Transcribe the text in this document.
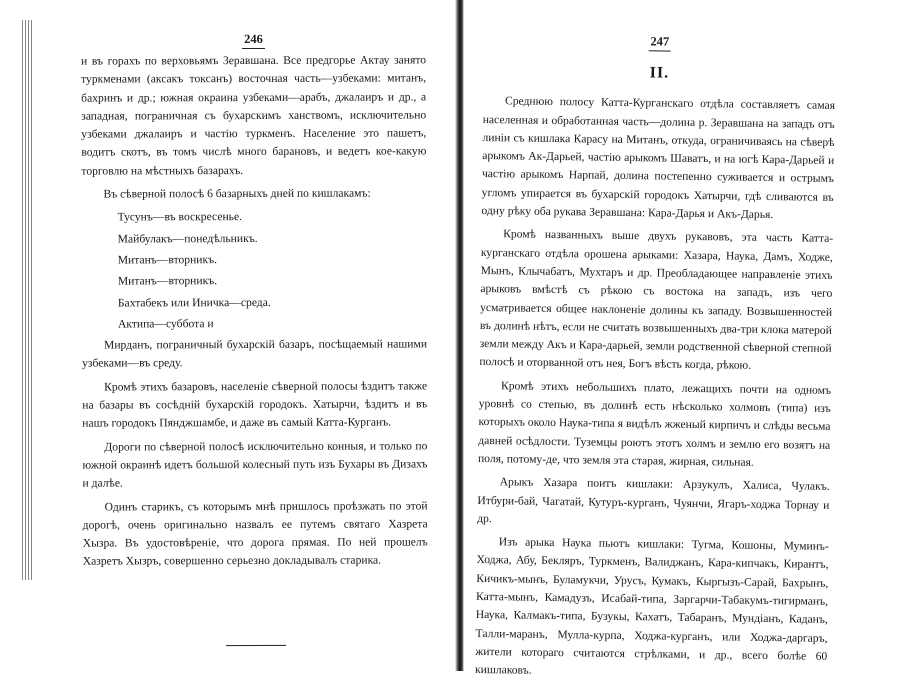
246

и въ горахъ по верховьямъ Зеравшана. Все предгорье Актау занято туркменами (аксакъ токсанъ) восточная часть—узбеками: митанъ, бахринъ и др.; южная окраина узбеками—арабъ, джалаиръ и др., а западная, пограничная съ бухарскимъ ханствомъ, исключительно узбеками джалаиръ и частію туркменъ. Население это пашетъ, водитъ скотъ, въ томъ числѣ много барановъ, и ведетъ кое-какую торговлю на мѣстныхъ базарахъ.

Въ сѣверной полосѣ 6 базарныхъ дней по кишлакамъ:

Тусунъ—въ воскресенье.

Майбулакъ—понедѣльникъ.

Митанъ—вторникъ.

Митанъ—вторникъ.

Бахтабекъ или Иничка—среда.

Актипа—суббота и

Мирданъ, пограничный бухарскій базаръ, посѣщаемый нашими узбеками—въ среду.

Кромѣ этихъ базаровъ, населеніе сѣверной полосы ѣздитъ также на базары въ сосѣдній бухарскій городокъ. Хатырчи, ѣздитъ и въ нашъ городокъ Пянджшамбе, и даже въ самый Катта-Курганъ.

Дороги по сѣверной полосѣ исключительно конныя, и только по южной окраинѣ идетъ большой колесный путь изъ Бухары въ Дизахъ и далѣе.

Одинъ старикъ, съ которымъ мнѣ пришлось проѣзжать по этой дорогѣ, очень оригинально назвалъ ее путемъ святаго Хазрета Хызра. Въ удостовѣреніе, что дорога прямая. По ней прошелъ Хазретъ Хызръ, совершенно серьезно докладывалъ старика.

247
II.

Среднюю полосу Катта-Курганскаго отдѣла составляетъ самая населенная и обработанная часть—долина р. Зеравшана на западъ отъ линіи съ кишлака Карасу на Митанъ, откуда, ограничиваясь на сѣверѣ арыкомъ Ак-Дарьей, частію арыкомъ Шаватъ, и на югѣ Кара-Дарьей и частію арыкомъ Нарпай, долина постепенно суживается и острымъ угломъ упирается въ бухарскій городокъ Хатырчи, гдѣ сливаются въ одну рѣку оба рукава Зеравшана: Кара-Дарья и Акъ-Дарья.

Кромѣ названныхъ выше двухъ рукавовъ, эта часть Катта-курганскаго отдѣла орошена арыками: Хазара, Наука, Дамъ, Ходже, Мынъ, Клычабатъ, Мухтаръ и др. Преобладающее направленіе этихъ арыковъ вмѣстѣ съ рѣкою съ востока на западъ, изъ чего усматривается общее наклоненіе долины къ западу. Возвышенностей въ долинѣ нѣтъ, если не считать возвышенныхъ два-три клока матерой земли между Акъ и Кара-дарьей, земли родственной сѣверной степной полосѣ и оторванной отъ нея, Богъ вѣсть когда, рѣкою.

Кромѣ этихъ небольшихъ плато, лежащихъ почти на одномъ уровнѣ со степью, въ долинѣ есть нѣсколько холмовъ (типа) изъ которыхъ около Наука-типа я видѣлъ жженый кирпичъ и слѣды весьма давней осѣдлости. Туземцы роютъ этотъ холмъ и землю его возятъ на поля, потому-де, что земля эта старая, жирная, сильная.

Арыкъ Хазара поитъ кишлаки: Арзукулъ, Халиса, Чулакъ. Итбури-бай, Чагатай, Кутуръ-курганъ, Чуянчи, Ягаръ-ходжа Торнау и др.

Изъ арыка Наука пьютъ кишлаки: Тугма, Кошоны, Муминъ-Ходжа, Абу, Бекляръ, Туркменъ, Валиджанъ, Кара-кипчакъ, Кирантъ, Кичикъ-мынъ, Буламукчи, Урусъ, Кумакъ, Кыргызъ-Сарай, Бахрынъ, Катта-мынъ, Камадузъ, Исабай-типа, Заргарчи-Табакумъ-тигирманъ, Наука, Калмакъ-типа, Бузукы, Кахатъ, Табаранъ, Мундіанъ, Каданъ, Талли-маранъ, Мулла-курпа, Ходжа-курганъ, или Ходжа-даргаръ, жители котораго считаются стрѣлками, и др., всего болѣе 60 кишлаковъ.
